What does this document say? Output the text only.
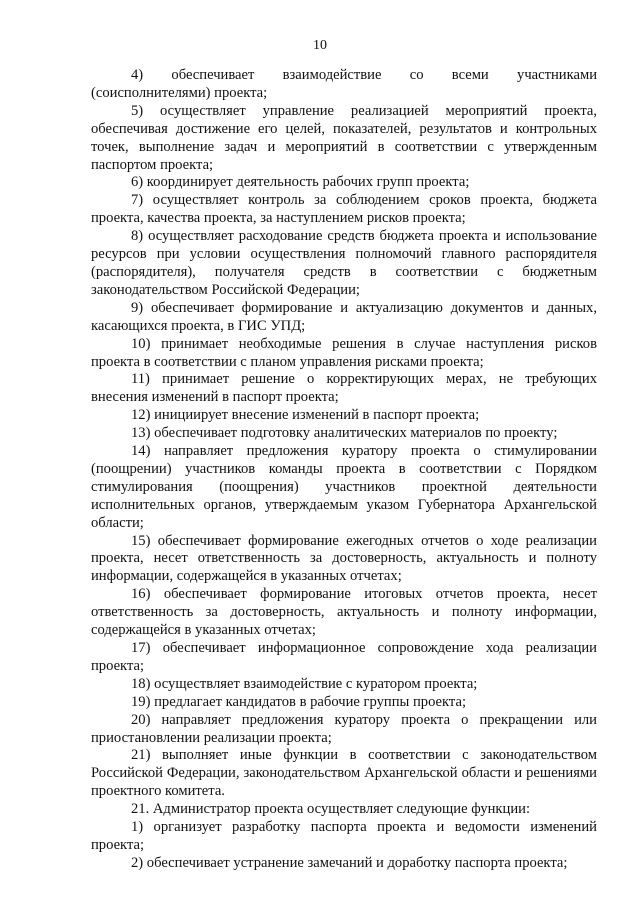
10

4) обеспечивает взаимодействие со всеми участниками (соисполнителями) проекта;

5) осуществляет управление реализацией мероприятий проекта, обеспечивая достижение его целей, показателей, результатов и контрольных точек, выполнение задач и мероприятий в соответствии с утвержденным паспортом проекта;

6) координирует деятельность рабочих групп проекта;

7) осуществляет контроль за соблюдением сроков проекта, бюджета проекта, качества проекта, за наступлением рисков проекта;

8) осуществляет расходование средств бюджета проекта и использование ресурсов при условии осуществления полномочий главного распорядителя (распорядителя), получателя средств в соответствии с бюджетным законодательством Российской Федерации;

9) обеспечивает формирование и актуализацию документов и данных, касающихся проекта, в ГИС УПД;

10) принимает необходимые решения в случае наступления рисков проекта в соответствии с планом управления рисками проекта;

11) принимает решение о корректирующих мерах, не требующих внесения изменений в паспорт проекта;

12) инициирует внесение изменений в паспорт проекта;

13) обеспечивает подготовку аналитических материалов по проекту;

14) направляет предложения куратору проекта о стимулировании (поощрении) участников команды проекта в соответствии с Порядком стимулирования (поощрения) участников проектной деятельности исполнительных органов, утверждаемым указом Губернатора Архангельской области;

15) обеспечивает формирование ежегодных отчетов о ходе реализации проекта, несет ответственность за достоверность, актуальность и полноту информации, содержащейся в указанных отчетах;

16) обеспечивает формирование итоговых отчетов проекта, несет ответственность за достоверность, актуальность и полноту информации, содержащейся в указанных отчетах;

17) обеспечивает информационное сопровождение хода реализации проекта;

18) осуществляет взаимодействие с куратором проекта;

19) предлагает кандидатов в рабочие группы проекта;

20) направляет предложения куратору проекта о прекращении или приостановлении реализации проекта;

21) выполняет иные функции в соответствии с законодательством Российской Федерации, законодательством Архангельской области и решениями проектного комитета.

21. Администратор проекта осуществляет следующие функции:

1) организует разработку паспорта проекта и ведомости изменений проекта;

2) обеспечивает устранение замечаний и доработку паспорта проекта;
